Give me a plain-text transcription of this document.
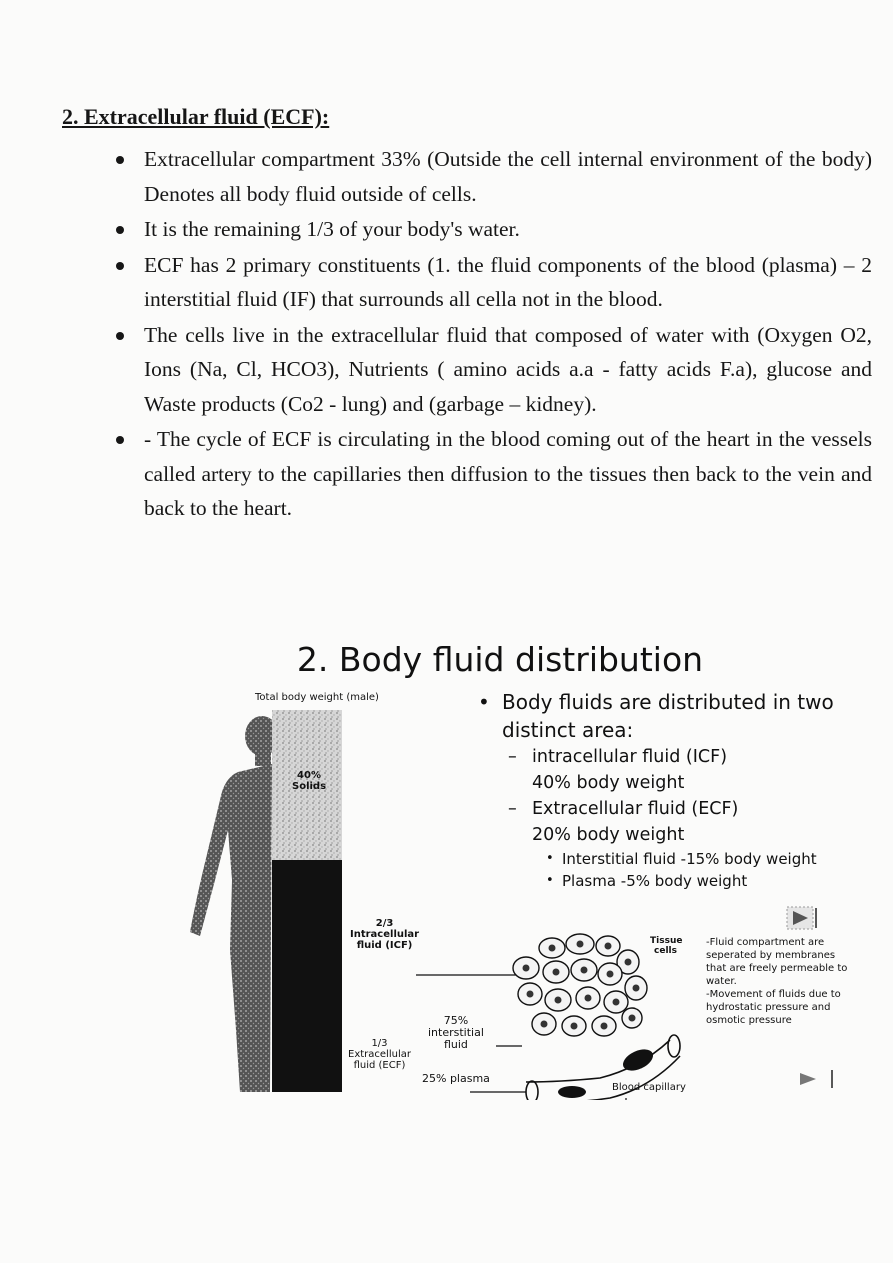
2. Extracellular fluid (ECF):
Extracellular compartment 33% (Outside the cell internal environment of the body) Denotes all body fluid outside of cells.
It is the remaining 1/3 of your body's water.
ECF has 2 primary constituents (1. the fluid components of the blood (plasma) – 2 interstitial fluid (IF) that surrounds all cella not in the blood.
The cells live in the extracellular fluid that composed of water with (Oxygen O2, Ions (Na, Cl, HCO3), Nutrients ( amino acids a.a - fatty acids F.a), glucose and Waste products (Co2 - lung) and (garbage – kidney).
- The cycle of ECF is circulating in the blood coming out of the heart in the vessels called artery to the capillaries then diffusion to the tissues then back to the vein and back to the heart.
2. Body fluid distribution
Total body weight (male)
40%
Solids
2/3
Intracellular
fluid (ICF)
1/3
Extracellular
fluid (ECF)
75%
interstitial
fluid
25% plasma
Tissue
cells
Blood capillary
• Body fluids are distributed in two distinct area:
– intracellular fluid (ICF)
40% body weight
– Extracellular fluid (ECF)
20% body weight
• Interstitial fluid -15% body weight
• Plasma -5% body weight
-Fluid compartment are seperated by membranes that are freely permeable to water.
-Movement of fluids due to hydrostatic pressure and osmotic pressure
